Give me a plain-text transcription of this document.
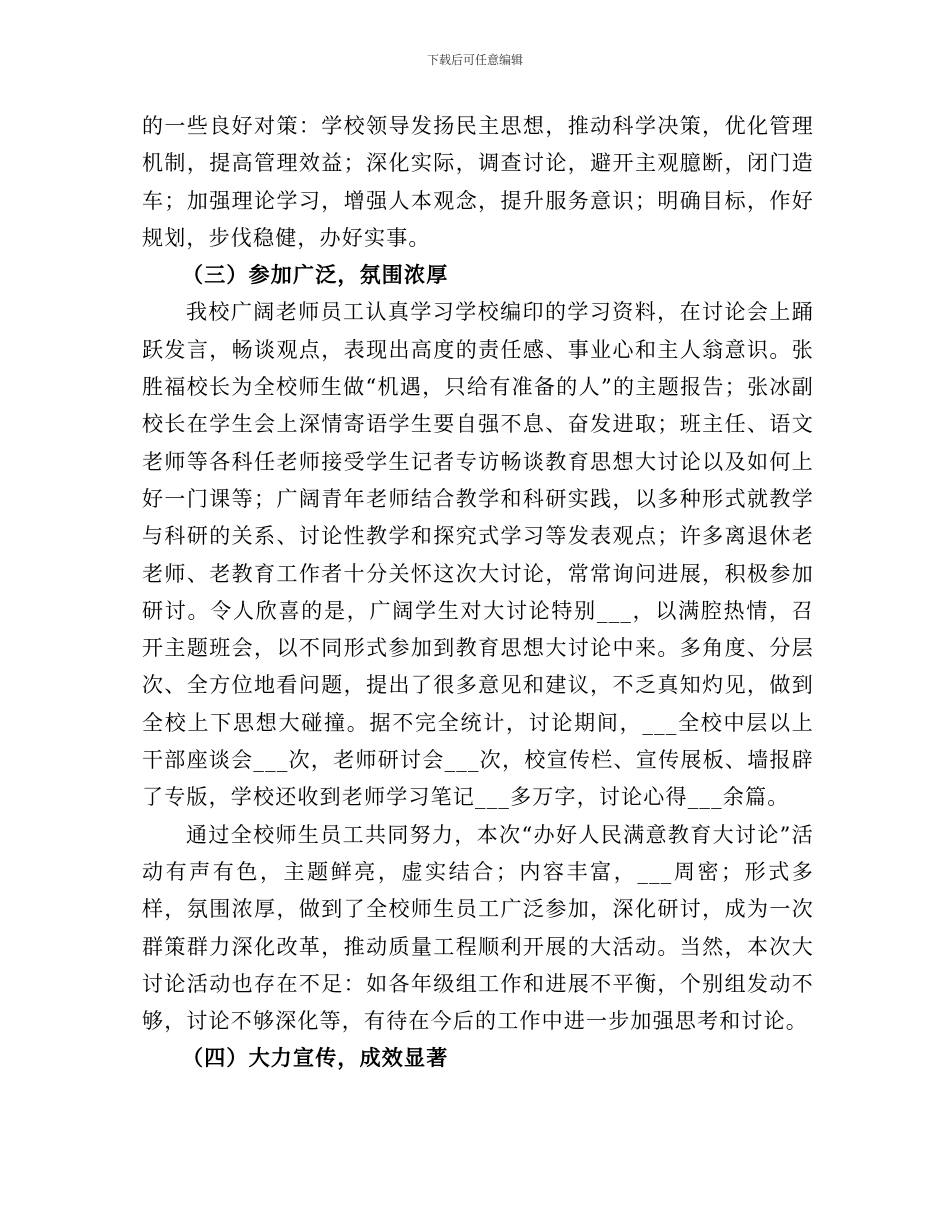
下载后可任意编辑

的一些良好对策：学校领导发扬民主思想，推动科学决策，优化管理机制，提高管理效益；深化实际，调查讨论，避开主观臆断，闭门造车；加强理论学习，增强人本观念，提升服务意识；明确目标，作好规划，步伐稳健，办好实事。

（三）参加广泛，氛围浓厚

我校广阔老师员工认真学习学校编印的学习资料，在讨论会上踊跃发言，畅谈观点，表现出高度的责任感、事业心和主人翁意识。张胜福校长为全校师生做“机遇，只给有准备的人”的主题报告；张冰副校长在学生会上深情寄语学生要自强不息、奋发进取；班主任、语文老师等各科任老师接受学生记者专访畅谈教育思想大讨论以及如何上好一门课等；广阔青年老师结合教学和科研实践，以多种形式就教学与科研的关系、讨论性教学和探究式学习等发表观点；许多离退休老老师、老教育工作者十分关怀这次大讨论，常常询问进展，积极参加研讨。令人欣喜的是，广阔学生对大讨论特别___，以满腔热情，召开主题班会，以不同形式参加到教育思想大讨论中来。多角度、分层次、全方位地看问题，提出了很多意见和建议，不乏真知灼见，做到全校上下思想大碰撞。据不完全统计，讨论期间，___全校中层以上干部座谈会___次，老师研讨会___次，校宣传栏、宣传展板、墙报辟了专版，学校还收到老师学习笔记___多万字，讨论心得___余篇。

通过全校师生员工共同努力，本次“办好人民满意教育大讨论”活动有声有色，主题鲜亮，虚实结合；内容丰富，___周密；形式多样，氛围浓厚，做到了全校师生员工广泛参加，深化研讨，成为一次群策群力深化改革，推动质量工程顺利开展的大活动。当然，本次大讨论活动也存在不足：如各年级组工作和进展不平衡，个别组发动不够，讨论不够深化等，有待在今后的工作中进一步加强思考和讨论。

（四）大力宣传，成效显著
